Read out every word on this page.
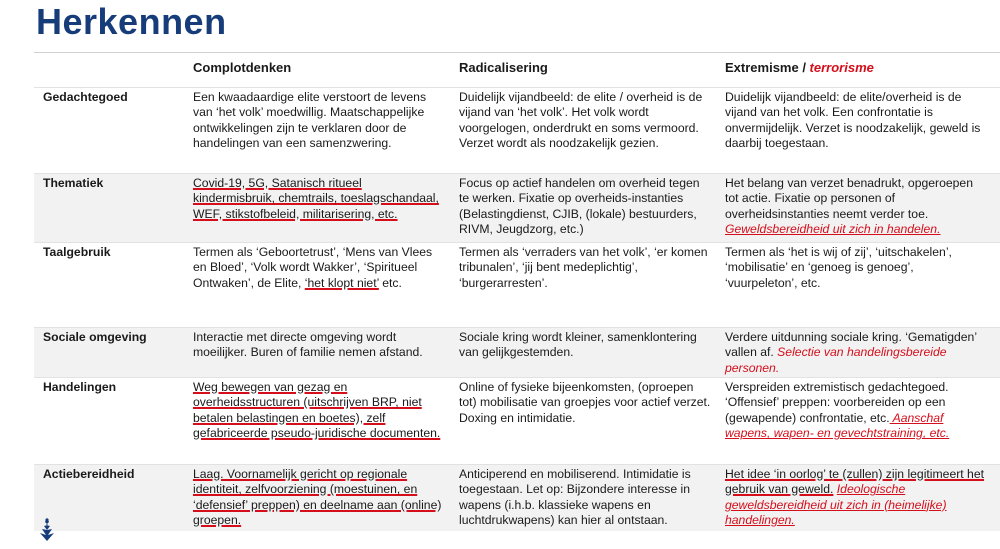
Herkennen
	Complotdenken	Radicalisering	Extremisme / terrorisme
Gedachtegoed	Een kwaadaardige elite verstoort de levens van ‘het volk’ moedwillig. Maatschappelijke ontwikkelingen zijn te verklaren door de handelingen van een samenzwering.	Duidelijk vijandbeeld: de elite / overheid is de vijand van ‘het volk’. Het volk wordt voorgelogen, onderdrukt en soms vermoord. Verzet wordt als noodzakelijk gezien.	Duidelijk vijandbeeld: de elite/overheid is de vijand van het volk. Een confrontatie is onvermijdelijk. Verzet is noodzakelijk, geweld is daarbij toegestaan.
Thematiek	Covid-19, 5G, Satanisch ritueel kindermisbruik, chemtrails, toeslagschandaal, WEF, stikstofbeleid, militarisering, etc.	Focus op actief handelen om overheid tegen te werken. Fixatie op overheids-instanties (Belastingdienst, CJIB, (lokale) bestuurders, RIVM, Jeugdzorg, etc.)	Het belang van verzet benadrukt, opgeroepen tot actie. Fixatie op personen of overheidsinstanties neemt verder toe. Geweldsbereidheid uit zich in handelen.
Taalgebruik	Termen als ‘Geboortetrust’, ‘Mens van Vlees en Bloed’, ‘Volk wordt Wakker’, ‘Spiritueel Ontwaken’, de Elite, ‘het klopt niet’ etc.	Termen als ‘verraders van het volk’, ‘er komen tribunalen’, ‘jij bent medeplichtig’, ‘burgerarresten’.	Termen als ‘het is wij of zij’, ‘uitschakelen’, ‘mobilisatie’ en ‘genoeg is genoeg’, ‘vuurpeleton’, etc.
Sociale omgeving	Interactie met directe omgeving wordt moeilijker. Buren of familie nemen afstand.	Sociale kring wordt kleiner, samenklontering van gelijkgestemden.	Verdere uitdunning sociale kring. ‘Gematigden’ vallen af. Selectie van handelingsbereide personen.
Handelingen	Weg bewegen van gezag en overheidsstructuren (uitschrijven BRP, niet betalen belastingen en boetes), zelf gefabriceerde pseudo-juridische documenten.	Online of fysieke bijeenkomsten, (oproepen tot) mobilisatie van groepjes voor actief verzet. Doxing en intimidatie.	Verspreiden extremistisch gedachtegoed. ‘Offensief’ preppen: voorbereiden op een (gewapende) confrontatie, etc. Aanschaf wapens, wapen- en gevechtstraining, etc.
Actiebereidheid	Laag. Voornamelijk gericht op regionale identiteit, zelfvoorziening (moestuinen, en ‘defensief’ preppen) en deelname aan (online) groepen.	Anticiperend en mobiliserend. Intimidatie is toegestaan. Let op: Bijzondere interesse in wapens (i.h.b. klassieke wapens en luchtdrukwapens) kan hier al ontstaan.	Het idee ‘in oorlog’ te (zullen) zijn legitimeert het gebruik van geweld. Ideologische geweldsbereidheid uit zich in (heimelijke) handelingen.
